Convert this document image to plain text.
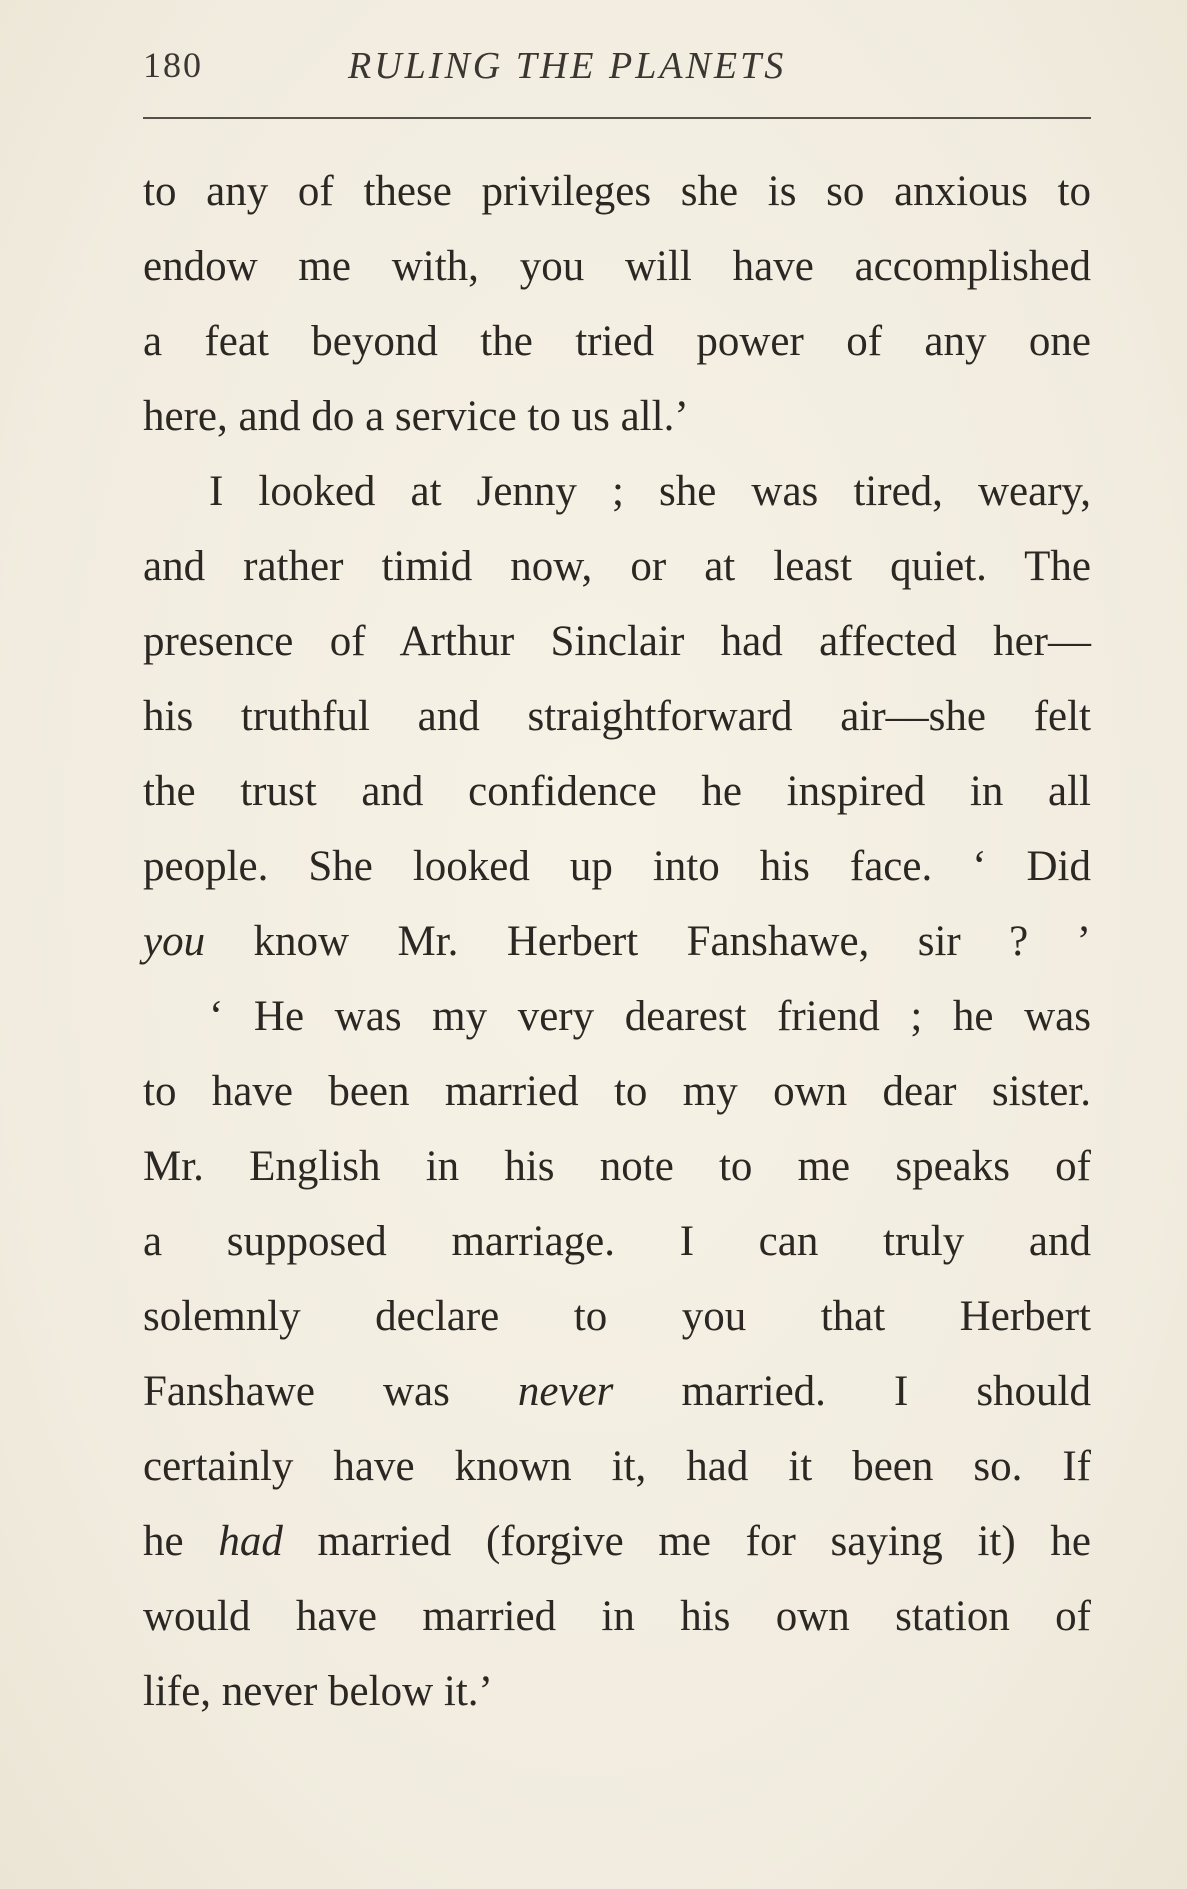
180	RULING THE PLANETS
to any of these privileges she is so anxious to
endow me with, you will have accomplished
a feat beyond the tried power of any one
here, and do a service to us all.’
I looked at Jenny ; she was tired, weary,
and rather timid now, or at least quiet. The
presence of Arthur Sinclair had affected her—
his truthful and straightforward air—she felt
the trust and confidence he inspired in all
people. She looked up into his face. ‘ Did
you know Mr. Herbert Fanshawe, sir ? ’
‘ He was my very dearest friend ; he was
to have been married to my own dear sister.
Mr. English in his note to me speaks of
a supposed marriage. I can truly and
solemnly declare to you that Herbert
Fanshawe was never married. I should
certainly have known it, had it been so. If
he had married (forgive me for saying it) he
would have married in his own station of
life, never below it.’
